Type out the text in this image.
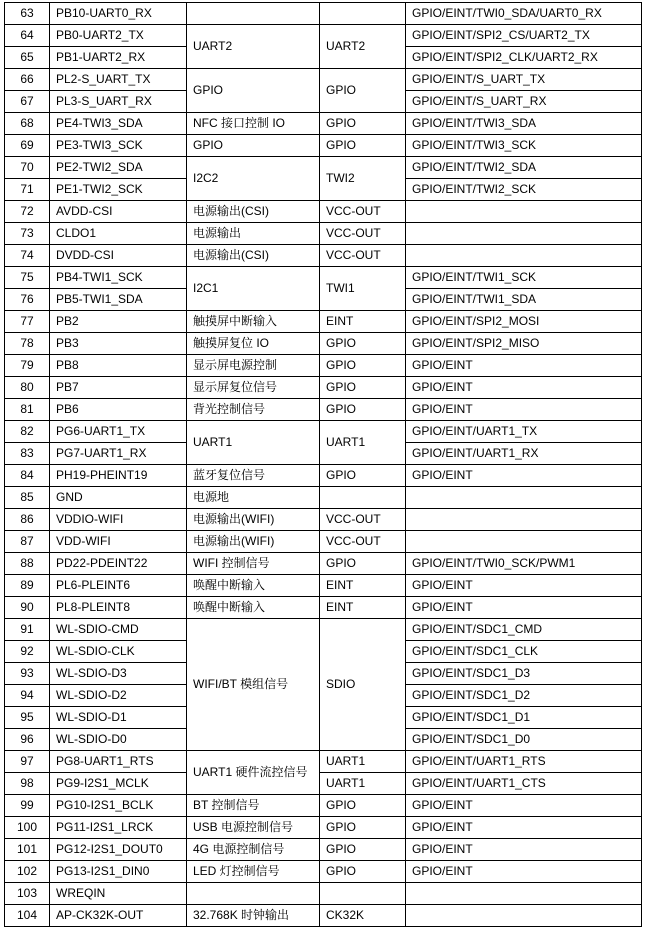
63	PB10-UART0_RX			GPIO/EINT/TWI0_SDA/UART0_RX
64	PB0-UART2_TX	UART2	UART2	GPIO/EINT/SPI2_CS/UART2_TX
65	PB1-UART2_RX			GPIO/EINT/SPI2_CLK/UART2_RX
66	PL2-S_UART_TX	GPIO	GPIO	GPIO/EINT/S_UART_TX
67	PL3-S_UART_RX			GPIO/EINT/S_UART_RX
68	PE4-TWI3_SDA	NFC 接口控制 IO	GPIO	GPIO/EINT/TWI3_SDA
69	PE3-TWI3_SCK	GPIO	GPIO	GPIO/EINT/TWI3_SCK
70	PE2-TWI2_SDA	I2C2	TWI2	GPIO/EINT/TWI2_SDA
71	PE1-TWI2_SCK			GPIO/EINT/TWI2_SCK
72	AVDD-CSI	电源输出(CSI)	VCC-OUT	
73	CLDO1	电源输出	VCC-OUT	
74	DVDD-CSI	电源输出(CSI)	VCC-OUT	
75	PB4-TWI1_SCK	I2C1	TWI1	GPIO/EINT/TWI1_SCK
76	PB5-TWI1_SDA			GPIO/EINT/TWI1_SDA
77	PB2	触摸屏中断输入	EINT	GPIO/EINT/SPI2_MOSI
78	PB3	触摸屏复位 IO	GPIO	GPIO/EINT/SPI2_MISO
79	PB8	显示屏电源控制	GPIO	GPIO/EINT
80	PB7	显示屏复位信号	GPIO	GPIO/EINT
81	PB6	背光控制信号	GPIO	GPIO/EINT
82	PG6-UART1_TX	UART1	UART1	GPIO/EINT/UART1_TX
83	PG7-UART1_RX			GPIO/EINT/UART1_RX
84	PH19-PHEINT19	蓝牙复位信号	GPIO	GPIO/EINT
85	GND	电源地		
86	VDDIO-WIFI	电源输出(WIFI)	VCC-OUT	
87	VDD-WIFI	电源输出(WIFI)	VCC-OUT	
88	PD22-PDEINT22	WIFI 控制信号	GPIO	GPIO/EINT/TWI0_SCK/PWM1
89	PL6-PLEINT6	唤醒中断输入	EINT	GPIO/EINT
90	PL8-PLEINT8	唤醒中断输入	EINT	GPIO/EINT
91	WL-SDIO-CMD	WIFI/BT 模组信号	SDIO	GPIO/EINT/SDC1_CMD
92	WL-SDIO-CLK			GPIO/EINT/SDC1_CLK
93	WL-SDIO-D3			GPIO/EINT/SDC1_D3
94	WL-SDIO-D2			GPIO/EINT/SDC1_D2
95	WL-SDIO-D1			GPIO/EINT/SDC1_D1
96	WL-SDIO-D0			GPIO/EINT/SDC1_D0
97	PG8-UART1_RTS	UART1 硬件流控信号	UART1	GPIO/EINT/UART1_RTS
98	PG9-I2S1_MCLK		UART1	GPIO/EINT/UART1_CTS
99	PG10-I2S1_BCLK	BT 控制信号	GPIO	GPIO/EINT
100	PG11-I2S1_LRCK	USB 电源控制信号	GPIO	GPIO/EINT
101	PG12-I2S1_DOUT0	4G 电源控制信号	GPIO	GPIO/EINT
102	PG13-I2S1_DIN0	LED 灯控制信号	GPIO	GPIO/EINT
103	WREQIN			
104	AP-CK32K-OUT	32.768K 时钟输出	CK32K	
